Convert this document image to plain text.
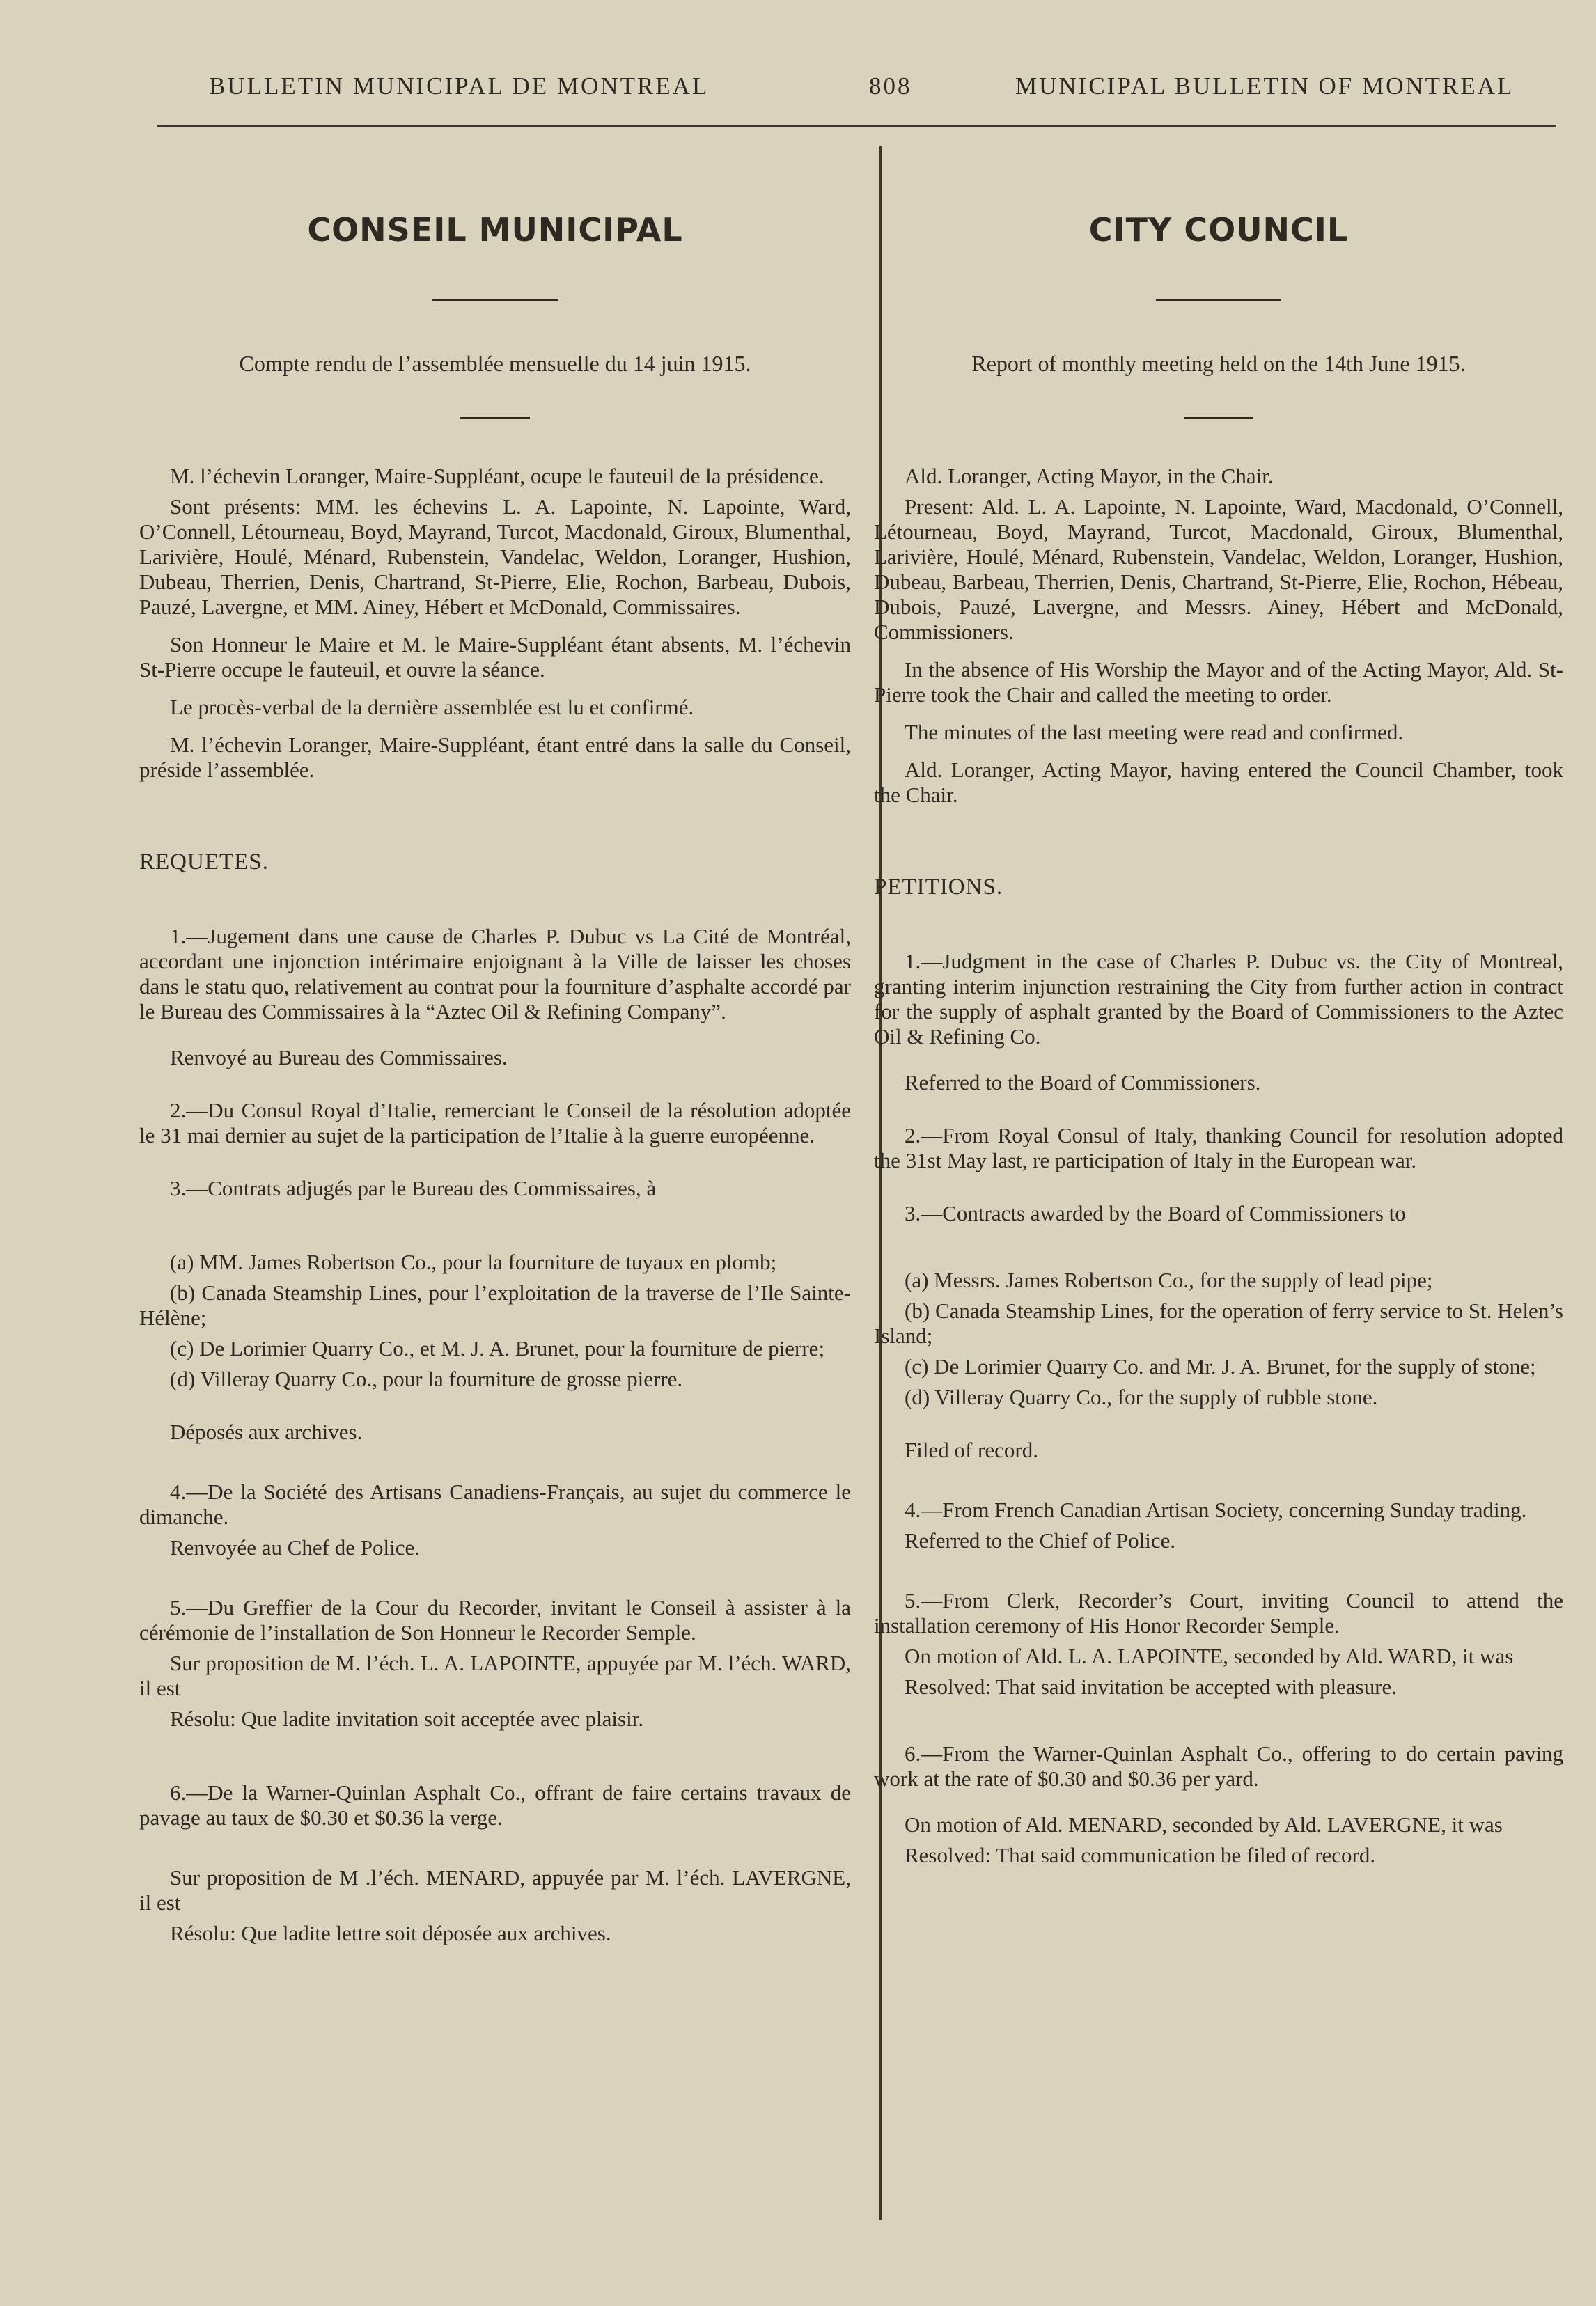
BULLETIN MUNICIPAL DE MONTREAL	808	MUNICIPAL BULLETIN OF MONTREAL
CONSEIL MUNICIPAL
Compte rendu de l’assemblée mensuelle du 14 juin 1915.

M. l’échevin Loranger, Maire-Suppléant, ocupe le fauteuil de la présidence.

Sont présents: MM. les échevins L. A. Lapointe, N. Lapointe, Ward, O’Connell, Létourneau, Boyd, Mayrand, Turcot, Macdonald, Giroux, Blumenthal, Larivière, Houlé, Ménard, Rubenstein, Vandelac, Weldon, Loranger, Hushion, Dubeau, Therrien, Denis, Chartrand, St-Pierre, Elie, Rochon, Barbeau, Dubois, Pauzé, Lavergne, et MM. Ainey, Hébert et McDonald, Commissaires.

Son Honneur le Maire et M. le Maire-Suppléant étant absents, M. l’échevin St-Pierre occupe le fauteuil, et ouvre la séance.

Le procès-verbal de la dernière assemblée est lu et confirmé.

M. l’échevin Loranger, Maire-Suppléant, étant entré dans la salle du Conseil, préside l’assemblée.

REQUETES.

1.—Jugement dans une cause de Charles P. Dubuc vs La Cité de Montréal, accordant une injonction intérimaire enjoignant à la Ville de laisser les choses dans le statu quo, relativement au contrat pour la fourniture d’asphalte accordé par le Bureau des Commissaires à la “Aztec Oil & Refining Company”.

Renvoyé au Bureau des Commissaires.

2.—Du Consul Royal d’Italie, remerciant le Conseil de la résolution adoptée le 31 mai dernier au sujet de la participation de l’Italie à la guerre européenne.

3.—Contrats adjugés par le Bureau des Commissaires, à

(a) MM. James Robertson Co., pour la fourniture de tuyaux en plomb;

(b) Canada Steamship Lines, pour l’exploitation de la traverse de l’Ile Sainte-Hélène;

(c) De Lorimier Quarry Co., et M. J. A. Brunet, pour la fourniture de pierre;

(d) Villeray Quarry Co., pour la fourniture de grosse pierre.

Déposés aux archives.

4.—De la Société des Artisans Canadiens-Français, au sujet du commerce le dimanche.

Renvoyée au Chef de Police.

5.—Du Greffier de la Cour du Recorder, invitant le Conseil à assister à la cérémonie de l’installation de Son Honneur le Recorder Semple.

Sur proposition de M. l’éch. L. A. LAPOINTE, appuyée par M. l’éch. WARD, il est

Résolu: Que ladite invitation soit acceptée avec plaisir.

6.—De la Warner-Quinlan Asphalt Co., offrant de faire certains travaux de pavage au taux de $0.30 et $0.36 la verge.

Sur proposition de M .l’éch. MENARD, appuyée par M. l’éch. LAVERGNE, il est

Résolu: Que ladite lettre soit déposée aux archives.

CITY COUNCIL
Report of monthly meeting held on the 14th June 1915.

Ald. Loranger, Acting Mayor, in the Chair.

Present: Ald. L. A. Lapointe, N. Lapointe, Ward, Macdonald, O’Connell, Létourneau, Boyd, Mayrand, Turcot, Macdonald, Giroux, Blumenthal, Larivière, Houlé, Ménard, Rubenstein, Vandelac, Weldon, Loranger, Hushion, Dubeau, Barbeau, Therrien, Denis, Chartrand, St-Pierre, Elie, Rochon, Hébeau, Dubois, Pauzé, Lavergne, and Messrs. Ainey, Hébert and McDonald, Commissioners.

In the absence of His Worship the Mayor and of the Acting Mayor, Ald. St-Pierre took the Chair and called the meeting to order.

The minutes of the last meeting were read and confirmed.

Ald. Loranger, Acting Mayor, having entered the Council Chamber, took the Chair.

PETITIONS.

1.—Judgment in the case of Charles P. Dubuc vs. the City of Montreal, granting interim injunction restraining the City from further action in contract for the supply of asphalt granted by the Board of Commissioners to the Aztec Oil & Refining Co.

Referred to the Board of Commissioners.

2.—From Royal Consul of Italy, thanking Council for resolution adopted the 31st May last, re participation of Italy in the European war.

3.—Contracts awarded by the Board of Commissioners to

(a) Messrs. James Robertson Co., for the supply of lead pipe;

(b) Canada Steamship Lines, for the operation of ferry service to St. Helen’s Island;

(c) De Lorimier Quarry Co. and Mr. J. A. Brunet, for the supply of stone;

(d) Villeray Quarry Co., for the supply of rubble stone.

Filed of record.

4.—From French Canadian Artisan Society, concerning Sunday trading.

Referred to the Chief of Police.

5.—From Clerk, Recorder’s Court, inviting Council to attend the installation ceremony of His Honor Recorder Semple.

On motion of Ald. L. A. LAPOINTE, seconded by Ald. WARD, it was

Resolved: That said invitation be accepted with pleasure.

6.—From the Warner-Quinlan Asphalt Co., offering to do certain paving work at the rate of $0.30 and $0.36 per yard.

On motion of Ald. MENARD, seconded by Ald. LAVERGNE, it was

Resolved: That said communication be filed of record.
